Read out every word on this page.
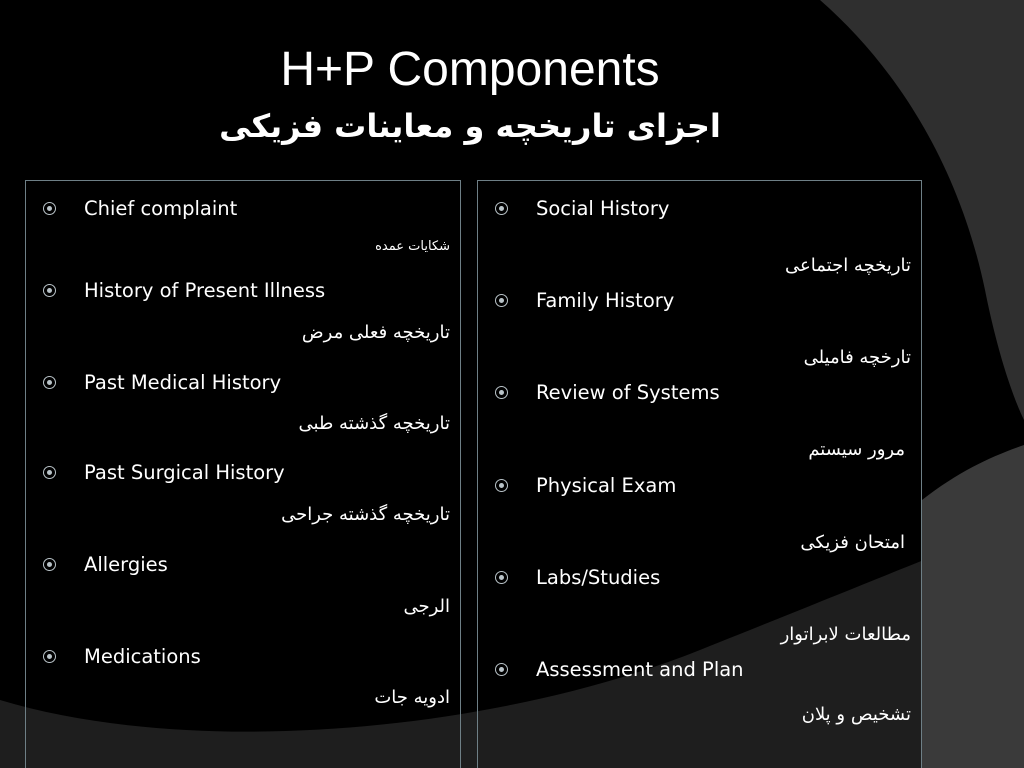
H+P Components
اجزای تاریخچه و معاینات فزیکی
Chief complaint
شکایات عمده
History of Present Illness
تاریخچه فعلی مرض
Past Medical History
تاریخچه گذشته طبی
Past Surgical History
تاریخچه گذشته جراحی
Allergies
الرجی
Medications
ادویه جات
Social History
تاریخچه اجتماعی
Family History
تارخچه فامیلی
Review of Systems
مرور سیستم
Physical Exam
امتحان فزیکی
Labs/Studies
مطالعات لابراتوار
Assessment and Plan
تشخیص و پلان
